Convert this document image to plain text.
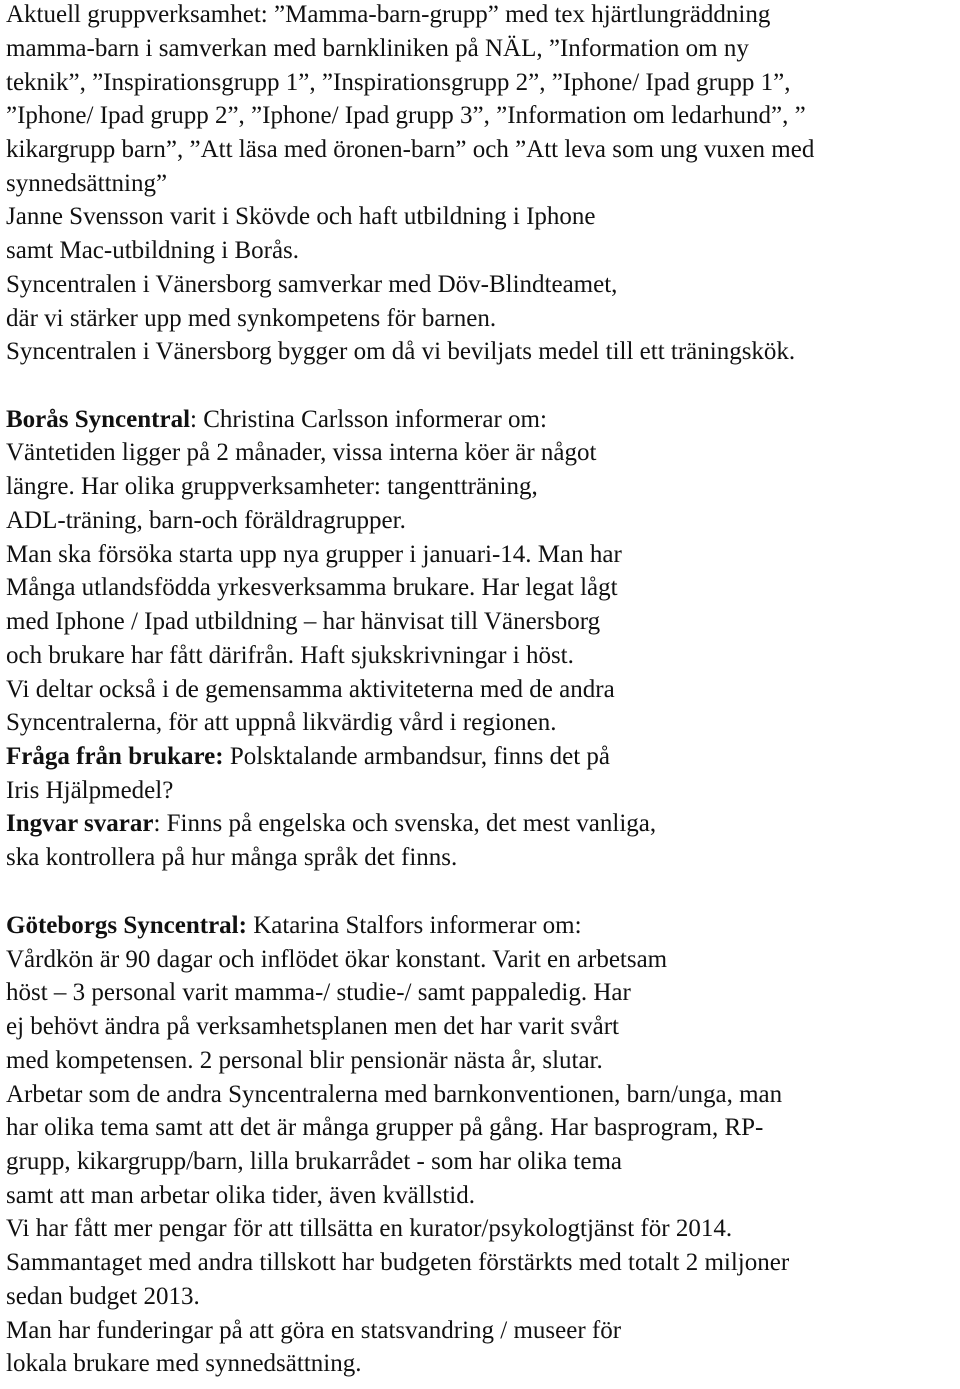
Aktuell gruppverksamhet: ”Mamma-barn-grupp” med tex hjärtlungräddning
mamma-barn i samverkan med barnkliniken på NÄL, ”Information om ny
teknik”, ”Inspirationsgrupp 1”, ”Inspirationsgrupp 2”, ”Iphone/ Ipad grupp 1”,
”Iphone/ Ipad grupp 2”, ”Iphone/ Ipad grupp 3”, ”Information om ledarhund”, ”
kikargrupp barn”, ”Att läsa med öronen-barn” och ”Att leva som ung vuxen med
synnedsättning”
Janne Svensson varit i Skövde och haft utbildning i Iphone
samt Mac-utbildning i Borås.
Syncentralen i Vänersborg samverkar med Döv-Blindteamet,
där vi stärker upp med synkompetens för barnen.
Syncentralen i Vänersborg bygger om då vi beviljats medel till ett träningskök.
Borås Syncentral: Christina Carlsson informerar om:
Väntetiden ligger på 2 månader, vissa interna köer är något
längre. Har olika gruppverksamheter: tangentträning,
ADL-träning, barn-och föräldragrupper.
Man ska försöka starta upp nya grupper i januari-14. Man har
Många utlandsfödda yrkesverksamma brukare. Har legat lågt
med Iphone / Ipad utbildning – har hänvisat till Vänersborg
och brukare har fått därifrån. Haft sjukskrivningar i höst.
Vi deltar också i de gemensamma aktiviteterna med de andra
Syncentralerna, för att uppnå likvärdig vård i regionen.
Fråga från brukare: Polsktalande armbandsur, finns det på
Iris Hjälpmedel?
Ingvar svarar: Finns på engelska och svenska, det mest vanliga,
ska kontrollera på hur många språk det finns.
Göteborgs Syncentral: Katarina Stalfors informerar om:
Vårdkön är 90 dagar och inflödet ökar konstant. Varit en arbetsam
höst – 3 personal varit mamma-/ studie-/ samt pappaledig. Har
ej behövt ändra på verksamhetsplanen men det har varit svårt
med kompetensen. 2 personal blir pensionär nästa år, slutar.
Arbetar som de andra Syncentralerna med barnkonventionen, barn/unga, man
har olika tema samt att det är många grupper på gång. Har basprogram, RP-
grupp, kikargrupp/barn, lilla brukarrådet - som har olika tema
samt att man arbetar olika tider, även kvällstid.
Vi har fått mer pengar för att tillsätta en kurator/psykologtjänst för 2014.
Sammantaget med andra tillskott har budgeten förstärkts med totalt 2 miljoner
sedan budget 2013.
Man har funderingar på att göra en statsvandring / museer för
lokala brukare med synnedsättning.
